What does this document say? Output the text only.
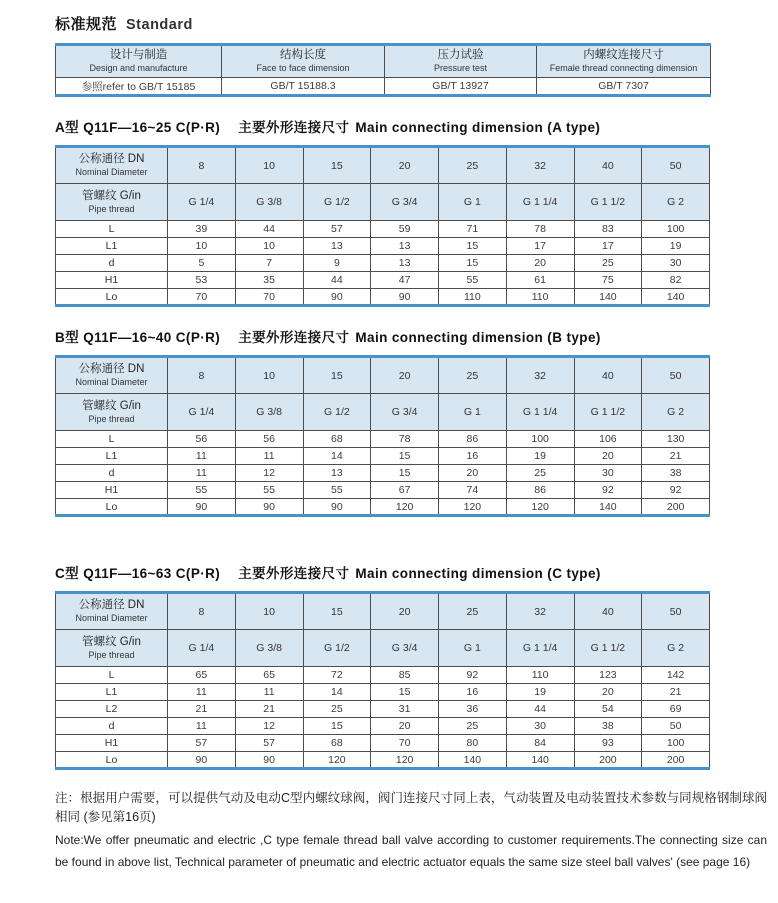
标准规范 Standard
设计与制造
Design and manufacture	结构长度
Face to face dimension	压力试验
Pressure test	内螺纹连接尺寸
Female thread connecting dimension

参照refer to GB/T 15185	GB/T 15188.3	GB/T 13927	GB/T 7307
A型 Q11F—16~25 C(P·R) 主要外形连接尺寸 Main connecting dimension (A type)
公称通径 DN
Nominal Diameter	8	10	15	20	25	32	40	50

管螺纹 G/in
Pipe thread	G 1/4	G 3/8	G 1/2	G 3/4	G 1	G 1 1/4	G 1 1/2	G 2
L	39	44	57	59	71	78	83	100
L1	10	10	13	13	15	17	17	19
d	5	7	9	13	15	20	25	30
H1	53	35	44	47	55	61	75	82
Lo	70	70	90	90	110	110	140	140
B型 Q11F—16~40 C(P·R) 主要外形连接尺寸 Main connecting dimension (B type)
公称通径 DN
Nominal Diameter	8	10	15	20	25	32	40	50

管螺纹 G/in
Pipe thread	G 1/4	G 3/8	G 1/2	G 3/4	G 1	G 1 1/4	G 1 1/2	G 2
L	56	56	68	78	86	100	106	130
L1	11	11	14	15	16	19	20	21
d	11	12	13	15	20	25	30	38
H1	55	55	55	67	74	86	92	92
Lo	90	90	90	120	120	120	140	200
C型 Q11F—16~63 C(P·R) 主要外形连接尺寸 Main connecting dimension (C type)
公称通径 DN
Nominal Diameter	8	10	15	20	25	32	40	50

管螺纹 G/in
Pipe thread	G 1/4	G 3/8	G 1/2	G 3/4	G 1	G 1 1/4	G 1 1/2	G 2
L	65	65	72	85	92	110	123	142
L1	11	11	14	15	16	19	20	21
L2	21	21	25	31	36	44	54	69
d	11	12	15	20	25	30	38	50
H1	57	57	68	70	80	84	93	100
Lo	90	90	120	120	140	140	200	200

注：根据用户需要，可以提供气动及电动C型内螺纹球阀，阀门连接尺寸同上表，气动装置及电动装置技术参数与同规格钢制球阀相同 (参见第16页)

Note:We offer pneumatic and electric ,C type female thread ball valve according to customer requirements.The connecting size can be found in above list, Technical parameter of pneumatic and electric actuator equals the same size steel ball valves' (see page 16)
